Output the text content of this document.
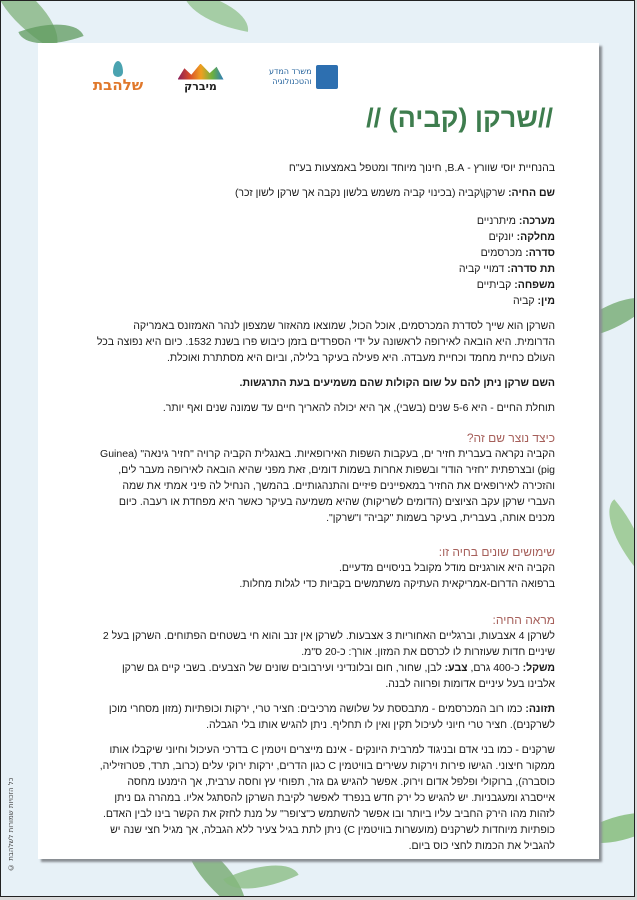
© כל הזכויות שמורות לשלהבת
שלהבת	מיברק
משרד המדע והטכנולוגיה
//שרקן (קביה) //

בהנחיית יוסי שוורץ - B.A, חינוך מיוחד ומטפל באמצעות בע"ח

שם החיה: שרקן\קביה (בכינוי קביה משמש בלשון נקבה אך שרקן לשון זכר)

מערכה: מיתרניים

מחלקה: יונקים

סדרה: מכרסמים

תת סדרה: דמויי קביה

משפחה: קביתיים

מין: קביה

השרקן הוא שייך לסדרת המכרסמים, אוכל הכול, שמוצאו מהאזור שמצפון לנהר האמזונס באמריקה הדרומית. היא הובאה לאירופה לראשונה על ידי הספרדים בזמן כיבוש פרו בשנת 1532. כיום היא נפוצה בכל העולם כחיית מחמד וכחיית מעבדה. היא פעילה בעיקר בלילה, וביום היא מסתתרת ואוכלת.

השם שרקן ניתן להם על שום הקולות שהם משמיעים בעת התרגשות.

תוחלת החיים - היא 5-6 שנים (בשבי), אך היא יכולה להאריך חיים עד שמונה שנים ואף יותר.

כיצד נוצר שם זה?

הקביה נקראה בעברית חזיר ים, בעקבות השפות האירופאיות. באנגלית הקביה קרויה "חזיר גינאה" (Guinea pig) ובצרפתית "חזיר הודו" ובשפות אחרות בשמות דומים, זאת מפני שהיא הובאה לאירופה מעבר לים, והזכירה לאירופאים את החזיר במאפיינים פיזיים והתנהגותיים. בהמשך, הנחיל לה פיני אמתי את שמה העברי שרקן עקב הציוצים (הדומים לשריקות) שהיא משמיעה בעיקר כאשר היא מפחדת או רעבה. כיום מכנים אותה, בעברית, בעיקר בשמות "קביה" ו"שרקן".

שימושים שונים בחיה זו:

הקביה היא אורגניזם מודל מקובל בניסויים מדעיים.

ברפואה הדרום-אמריקאית העתיקה משתמשים בקביות כדי לגלות מחלות.

מראה החיה:

לשרקן 4 אצבעות, וברגליים האחוריות 3 אצבעות. לשרקן אין זנב והוא חי בשטחים הפתוחים. השרקן בעל 2 שיניים חדות שעוזרות לו לכרסם את המזון. אורך: כ-20 ס"מ.

משקל: כ-400 גרם, צבע: לבן, שחור, חום ובלונדיני ועירבובים שונים של הצבעים. בשבי קיים גם שרקן אלבינו בעל עיניים אדומות ופרווה לבנה.

תזונה: כמו רוב המכרסמים - מתבססת על שלושה מרכיבים: חציר טרי, ירקות וכופתיות (מזון מסחרי מוכן לשרקנים). חציר טרי חיוני לעיכול תקין ואין לו תחליף. ניתן להגיש אותו בלי הגבלה.

שרקנים - כמו בני אדם ובניגוד למרבית היונקים - אינם מייצרים ויטמין C בדרכי העיכול וחיוני שיקבלו אותו ממקור חיצוני. הגישו פירות וירקות עשירים בוויטמין C כגון הדרים, ירקות ירוקי עלים (כרוב, תרד, פטרוזיליה, כוסברה), ברוקולי ופלפל אדום וירוק. אפשר להגיש גם גזר, תפוחי עץ וחסה ערבית, אך הימנעו מחסה אייסברג ומעגבניות. יש להגיש כל ירק חדש בנפרד לאפשר לקיבת השרקן להסתגל אליו. במהרה גם ניתן לזהות מהו הירק החביב עליו ביותר ובו אפשר להשתמש כ"צ'ופר" על מנת לחזק את הקשר בינו לבין האדם. כופתיות מיוחדות לשרקנים (מועשרות בוויטמין C) ניתן לתת בגיל צעיר ללא הגבלה, אך מגיל חצי שנה יש להגביל את הכמות לחצי כוס ביום.
